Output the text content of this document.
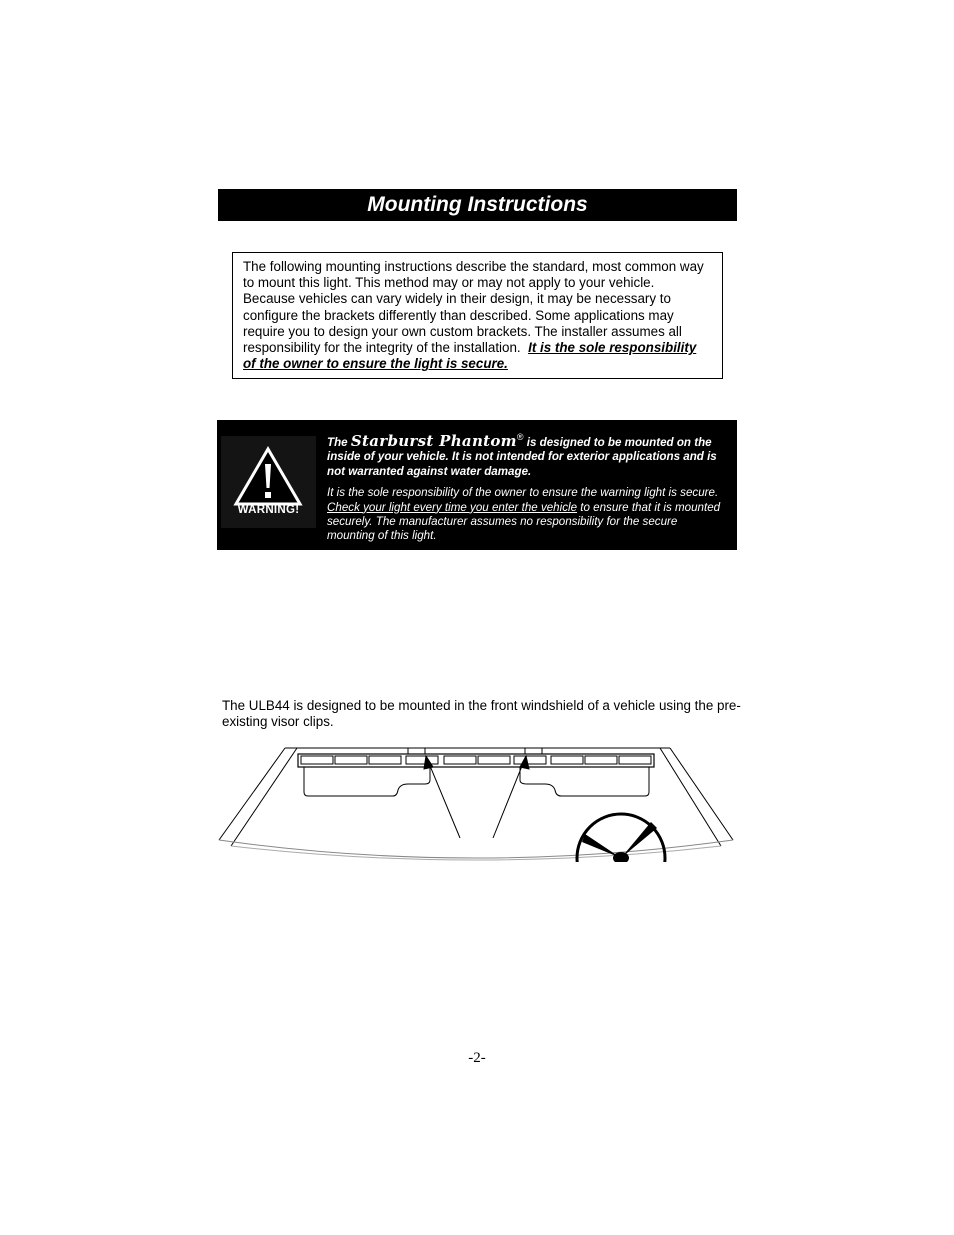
Mounting Instructions
The following mounting instructions describe the standard, most common way to mount this light. This method may or may not apply to your vehicle. Because vehicles can vary widely in their design, it may be necessary to configure the brackets differently than described. Some applications may require you to design your own custom brackets. The installer assumes all responsibility for the integrity of the installation. It is the sole responsibility of the owner to ensure the light is secure.
WARNING!
The Starburst Phantom® is designed to be mounted on the inside of your vehicle. It is not intended for exterior applications and is not warranted against water damage.
It is the sole responsibility of the owner to ensure the warning light is secure.  Check your light every time you enter the vehicle to ensure that it is mounted securely. The manufacturer assumes no responsibility for the secure mounting of this light.
The ULB44 is designed to be mounted in the front windshield of a vehicle using the pre-existing visor clips.
-2-
